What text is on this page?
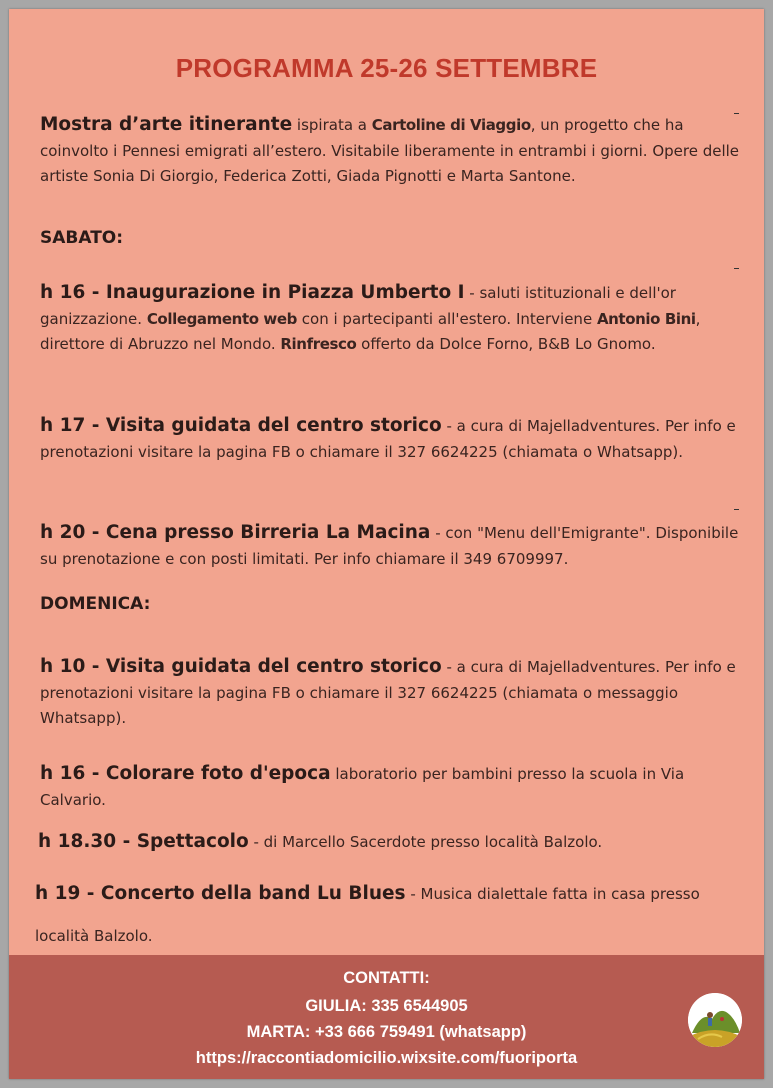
PROGRAMMA 25-26 SETTEMBRE
Mostra d’arte itinerante ispirata a Cartoline di Viaggio, un progetto che ha coinvolto i Pennesi emigrati all’estero. Visitabile liberamente in entrambi i giorni. Opere delle artiste Sonia Di Giorgio, Federica Zotti, Giada Pignotti e Marta Santone.
SABATO:
h 16 - Inaugurazione in Piazza Umberto I - saluti istituzionali e dell'or ganizzazione. Collegamento web con i partecipanti all'estero. Interviene Antonio Bini, direttore di Abruzzo nel Mondo. Rinfresco offerto da Dolce Forno, B&B Lo Gnomo.
h 17 - Visita guidata del centro storico - a cura di Majelladventures. Per info e prenotazioni visitare la pagina FB o chiamare il 327 6624225 (chiamata o Whatsapp).
h 20 - Cena presso Birreria La Macina - con "Menu dell'Emigrante". Disponibile su prenotazione e con posti limitati. Per info chiamare il 349 6709997.
DOMENICA:
h 10 - Visita guidata del centro storico - a cura di Majelladventures. Per info e prenotazioni visitare la pagina FB o chiamare il 327 6624225 (chiamata o messaggio Whatsapp).
h 16 - Colorare foto d'epoca laboratorio per bambini presso la scuola in Via Calvario.
h 18.30 - Spettacolo - di Marcello Sacerdote presso località Balzolo.
h 19 - Concerto della band Lu Blues - Musica dialettale fatta in casa presso località Balzolo.
CONTATTI:
GIULIA: 335 6544905
MARTA: +33 666 759491 (whatsapp)
https://raccontiadomicilio.wixsite.com/fuoriporta
